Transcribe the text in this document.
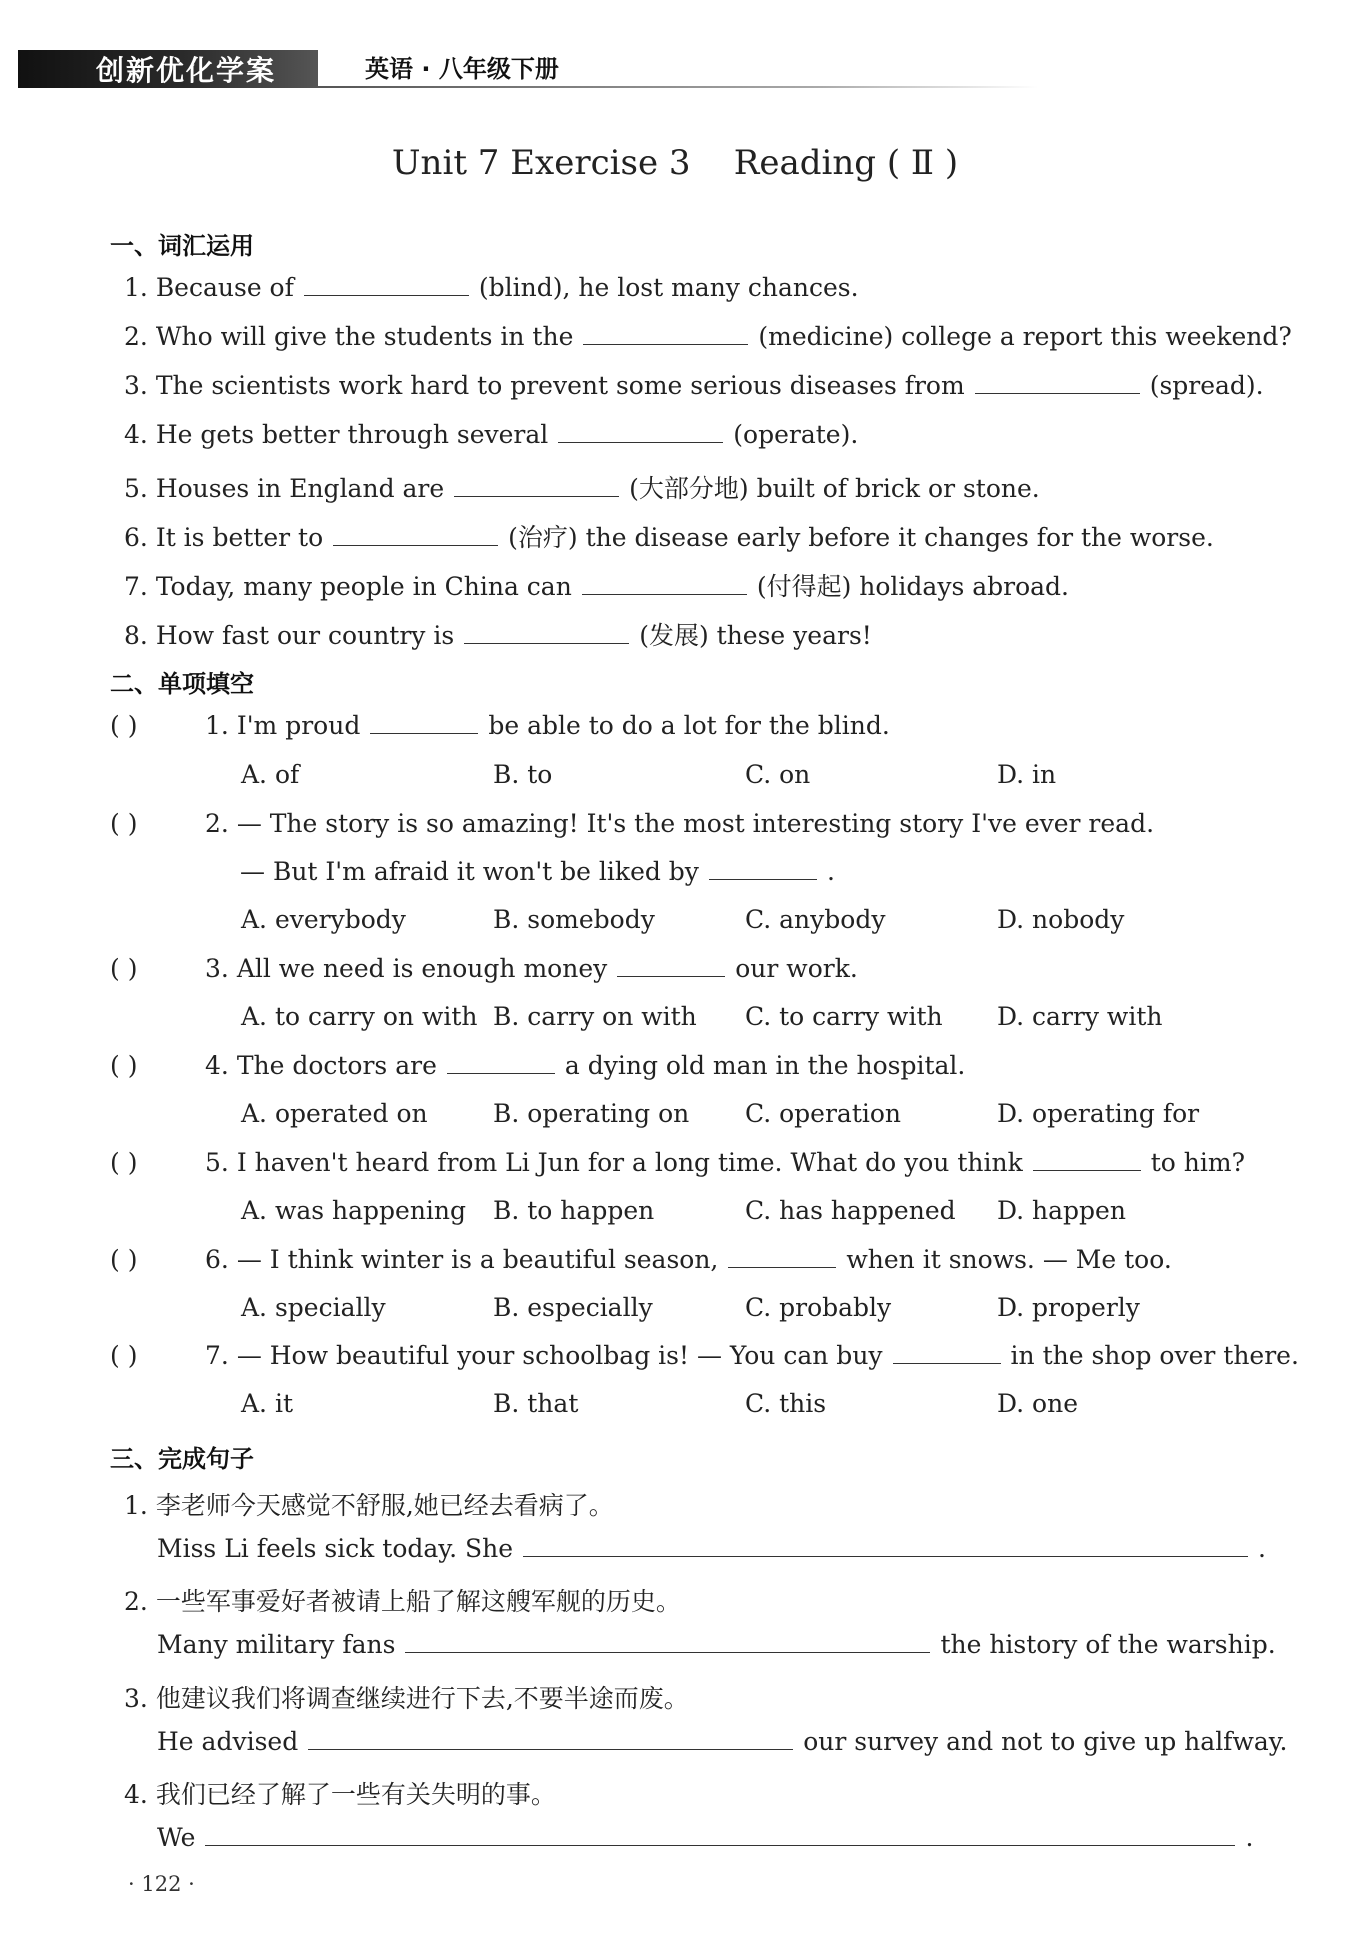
创新优化学案	英语 · 八年级下册
Unit 7 Exercise 3    Reading ( Ⅱ )
一、词汇运用
1. Because of	(blind), he lost many chances.
2. Who will give the students in the	(medicine) college a report this weekend?
3. The scientists work hard to prevent some serious diseases from	(spread).
4. He gets better through several	(operate).
5. Houses in England are	(大部分地) built of brick or stone.
6. It is better to	(治疗) the disease early before it changes for the worse.
7. Today, many people in China can	(付得起) holidays abroad.
8. How fast our country is	(发展) these years!
二、单项填空
( )	1. I'm proud	be able to do a lot for the blind.
A. of	B. to	C. on	D. in
( )	2. — The story is so amazing! It's the most interesting story I've ever read.
— But I'm afraid it won't be liked by	.
A. everybody	B. somebody	C. anybody	D. nobody
( )	3. All we need is enough money	our work.
A. to carry on with B. carry on with C. to carry with D. carry with
( )	4. The doctors are	a dying old man in the hospital.
A. operated on	B. operating on C. operation	D. operating for
( )	5. I haven't heard from Li Jun for a long time. What do you think	to him?
A. was happening B. to happen	C. has happened D. happen
( )	6. — I think winter is a beautiful season,	when it snows. — Me too.
A. specially	B. especially	C. probably	D. properly
( )	7. — How beautiful your schoolbag is! — You can buy	in the shop over there.
A. it	B. that	C. this	D. one
三、完成句子
1. 李老师今天感觉不舒服,她已经去看病了。
Miss Li feels sick today. She	.
2. 一些军事爱好者被请上船了解这艘军舰的历史。
Many military fans	the history of the warship.
3. 他建议我们将调查继续进行下去,不要半途而废。
He advised	our survey and not to give up halfway.
4. 我们已经了解了一些有关失明的事。
We	.
· 122 ·
